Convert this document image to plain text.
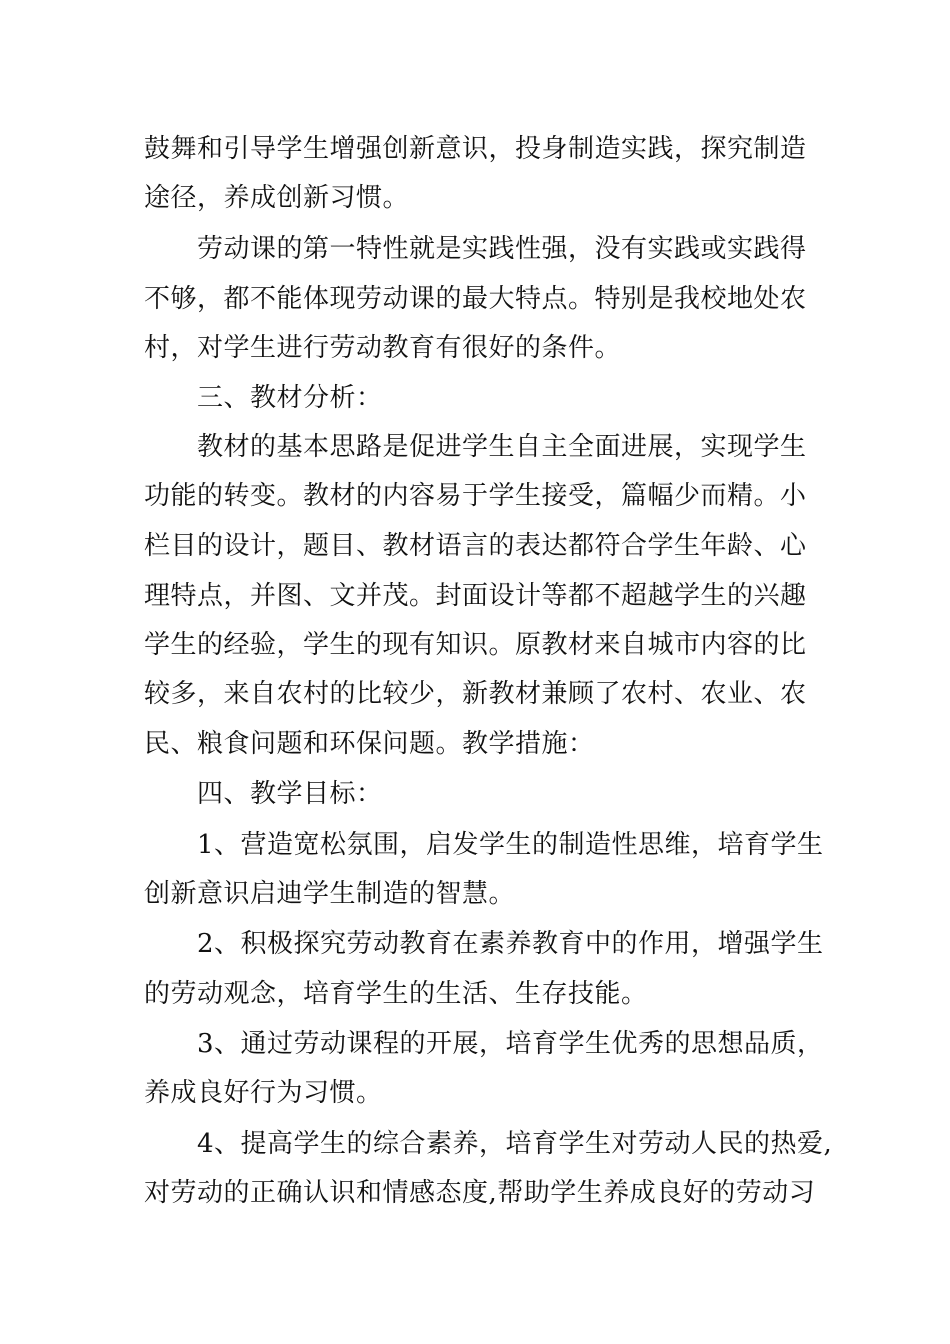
鼓舞和引导学生增强创新意识，投身制造实践，探究制造
途径，养成创新习惯。
劳动课的第一特性就是实践性强，没有实践或实践得
不够，都不能体现劳动课的最大特点。特别是我校地处农
村，对学生进行劳动教育有很好的条件。
三、教材分析：
教材的基本思路是促进学生自主全面进展，实现学生
功能的转变。教材的内容易于学生接受，篇幅少而精。小
栏目的设计，题目、教材语言的表达都符合学生年龄、心
理特点，并图、文并茂。封面设计等都不超越学生的兴趣
学生的经验，学生的现有知识。原教材来自城市内容的比
较多，来自农村的比较少，新教材兼顾了农村、农业、农
民、粮食问题和环保问题。教学措施：
四、教学目标：
1、营造宽松氛围，启发学生的制造性思维，培育学生
创新意识启迪学生制造的智慧。
2、积极探究劳动教育在素养教育中的作用，增强学生
的劳动观念，培育学生的生活、生存技能。
3、通过劳动课程的开展，培育学生优秀的思想品质，
养成良好行为习惯。
4、提高学生的综合素养，培育学生对劳动人民的热爱,
对劳动的正确认识和情感态度,帮助学生养成良好的劳动习
